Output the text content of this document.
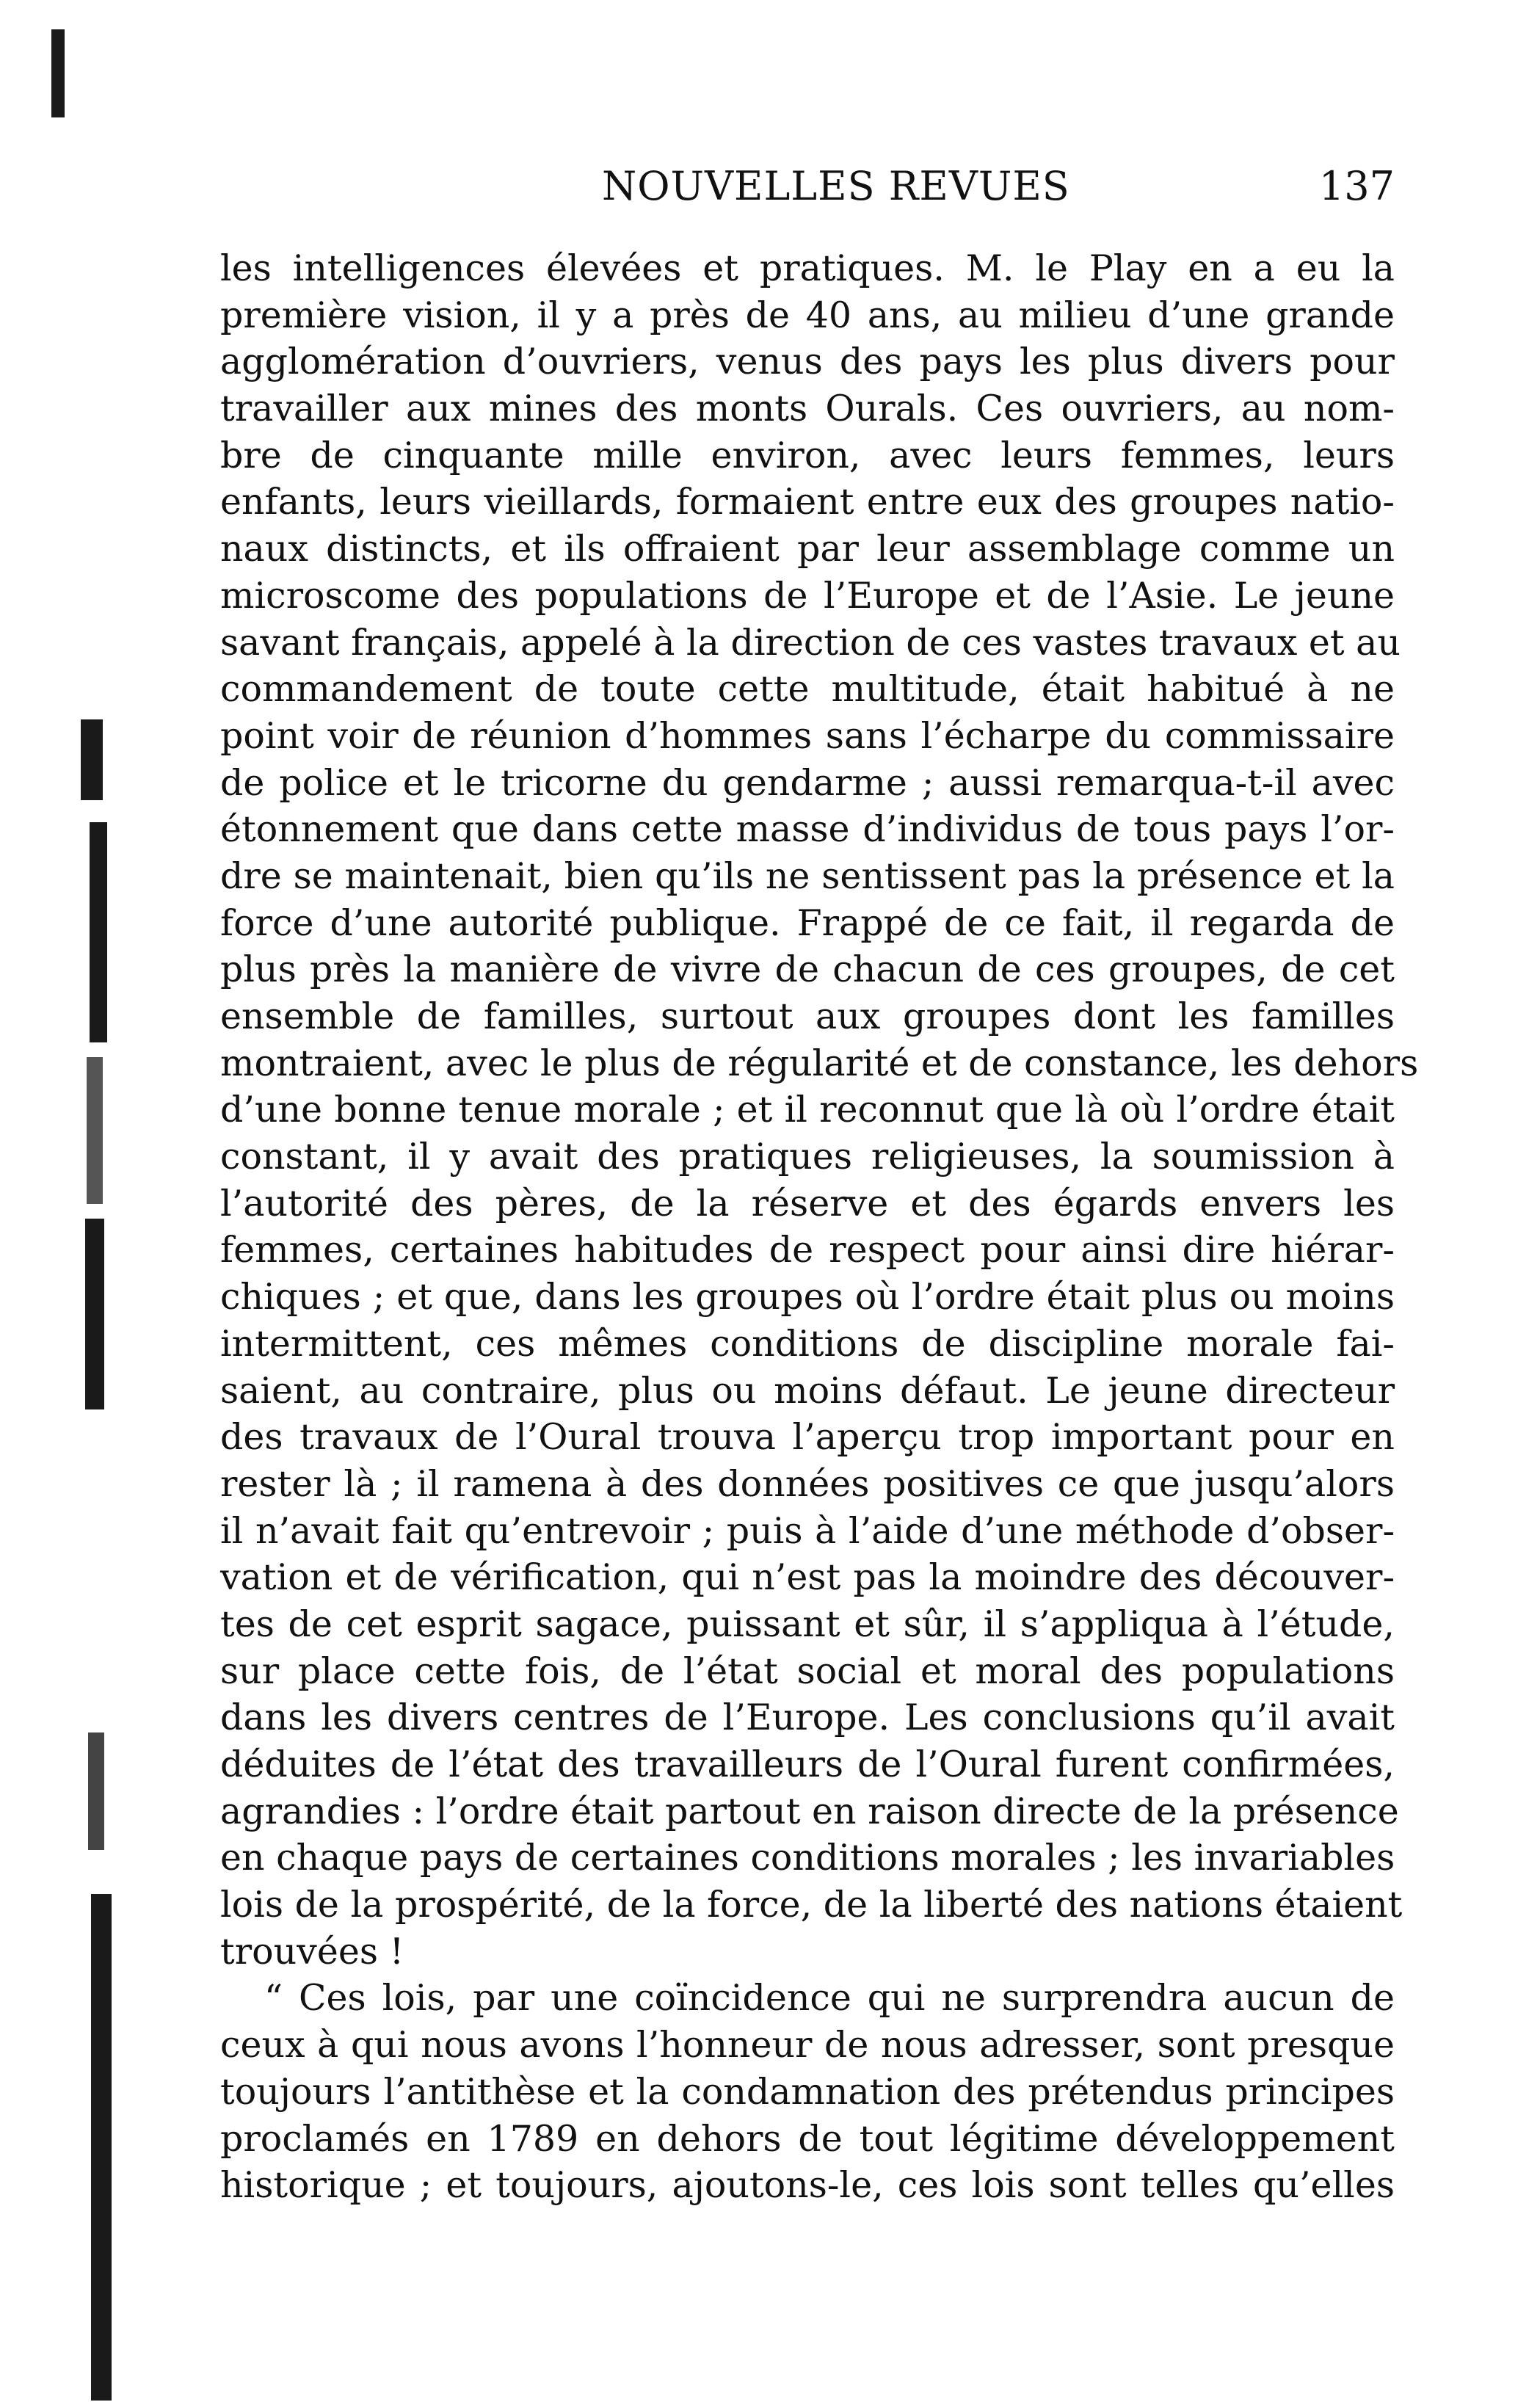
NOUVELLES REVUES	137
les intelligences élevées et pratiques. M. le Play en a eu la
première vision, il y a près de 40 ans, au milieu d’une grande
agglomération d’ouvriers, venus des pays les plus divers pour
travailler aux mines des monts Ourals. Ces ouvriers, au nom-
bre de cinquante mille environ, avec leurs femmes, leurs
enfants, leurs vieillards, formaient entre eux des groupes natio-
naux distincts, et ils offraient par leur assemblage comme un
microscome des populations de l’Europe et de l’Asie. Le jeune
savant français, appelé à la direction de ces vastes travaux et au
commandement de toute cette multitude, était habitué à ne
point voir de réunion d’hommes sans l’écharpe du commissaire
de police et le tricorne du gendarme ; aussi remarqua-t-il avec
étonnement que dans cette masse d’individus de tous pays l’or-
dre se maintenait, bien qu’ils ne sentissent pas la présence et la
force d’une autorité publique. Frappé de ce fait, il regarda de
plus près la manière de vivre de chacun de ces groupes, de cet
ensemble de familles, surtout aux groupes dont les familles
montraient, avec le plus de régularité et de constance, les dehors
d’une bonne tenue morale ; et il reconnut que là où l’ordre était
constant, il y avait des pratiques religieuses, la soumission à
l’autorité des pères, de la réserve et des égards envers les
femmes, certaines habitudes de respect pour ainsi dire hiérar-
chiques ; et que, dans les groupes où l’ordre était plus ou moins
intermittent, ces mêmes conditions de discipline morale fai-
saient, au contraire, plus ou moins défaut. Le jeune directeur
des travaux de l’Oural trouva l’aperçu trop important pour en
rester là ; il ramena à des données positives ce que jusqu’alors
il n’avait fait qu’entrevoir ; puis à l’aide d’une méthode d’obser-
vation et de vérification, qui n’est pas la moindre des découver-
tes de cet esprit sagace, puissant et sûr, il s’appliqua à l’étude,
sur place cette fois, de l’état social et moral des populations
dans les divers centres de l’Europe. Les conclusions qu’il avait
déduites de l’état des travailleurs de l’Oural furent confirmées,
agrandies : l’ordre était partout en raison directe de la présence
en chaque pays de certaines conditions morales ; les invariables
lois de la prospérité, de la force, de la liberté des nations étaient
trouvées !
“ Ces lois, par une coïncidence qui ne surprendra aucun de
ceux à qui nous avons l’honneur de nous adresser, sont presque
toujours l’antithèse et la condamnation des prétendus principes
proclamés en 1789 en dehors de tout légitime développement
historique ; et toujours, ajoutons-le, ces lois sont telles qu’elles
